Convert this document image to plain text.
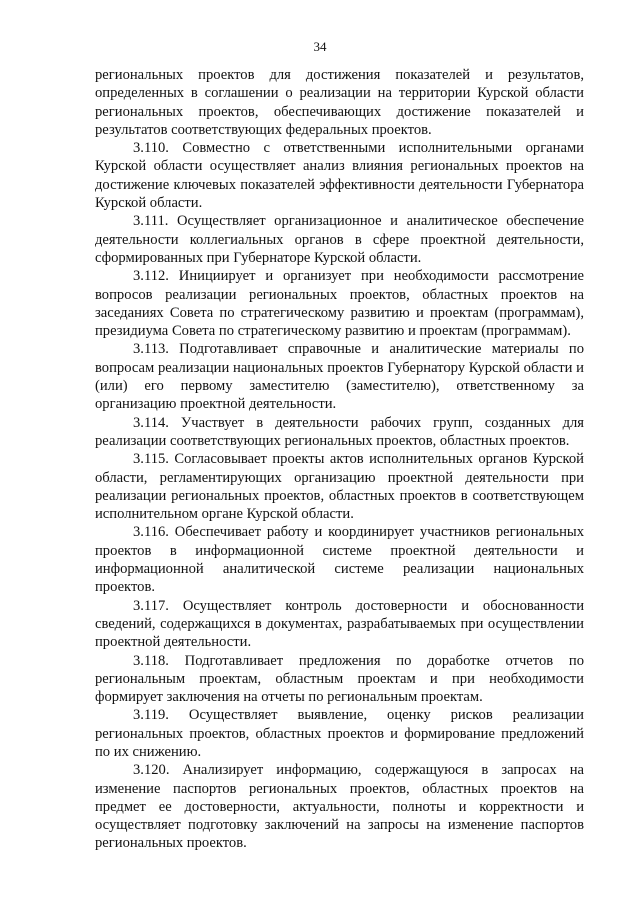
34

региональных проектов для достижения показателей и результатов, определенных в соглашении о реализации на территории Курской области региональных проектов, обеспечивающих достижение показателей и результатов соответствующих федеральных проектов.

3.110. Совместно с ответственными исполнительными органами Курской области осуществляет анализ влияния региональных проектов на достижение ключевых показателей эффективности деятельности Губернатора Курской области.

3.111. Осуществляет организационное и аналитическое обеспечение деятельности коллегиальных органов в сфере проектной деятельности, сформированных при Губернаторе Курской области.

3.112. Инициирует и организует при необходимости рассмотрение вопросов реализации региональных проектов, областных проектов на заседаниях Совета по стратегическому развитию и проектам (программам), президиума Совета по стратегическому развитию и проектам (программам).

3.113. Подготавливает справочные и аналитические материалы по вопросам реализации национальных проектов Губернатору Курской области и (или) его первому заместителю (заместителю), ответственному за организацию проектной деятельности.

3.114. Участвует в деятельности рабочих групп, созданных для реализации соответствующих региональных проектов, областных проектов.

3.115. Согласовывает проекты актов исполнительных органов Курской области, регламентирующих организацию проектной деятельности при реализации региональных проектов, областных проектов в соответствующем исполнительном органе Курской области.

3.116. Обеспечивает работу и координирует участников региональных проектов в информационной системе проектной деятельности и информационной аналитической системе реализации национальных проектов.

3.117. Осуществляет контроль достоверности и обоснованности сведений, содержащихся в документах, разрабатываемых при осуществлении проектной деятельности.

3.118. Подготавливает предложения по доработке отчетов по региональным проектам, областным проектам и при необходимости формирует заключения на отчеты по региональным проектам.

3.119. Осуществляет выявление, оценку рисков реализации региональных проектов, областных проектов и формирование предложений по их снижению.

3.120. Анализирует информацию, содержащуюся в запросах на изменение паспортов региональных проектов, областных проектов на предмет ее достоверности, актуальности, полноты и корректности и осуществляет подготовку заключений на запросы на изменение паспортов региональных проектов.
